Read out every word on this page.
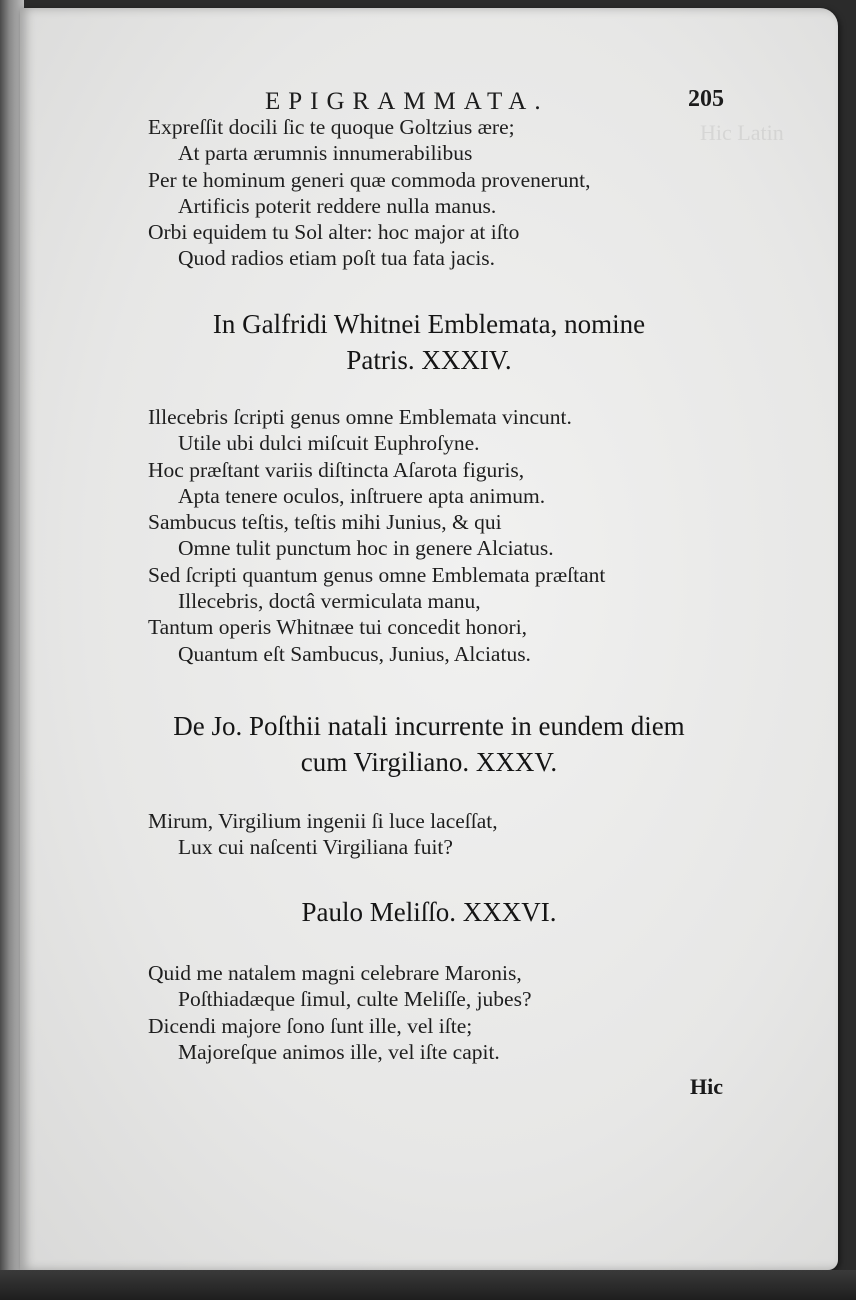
Hic Latin
EPIGRAMMATA.	205
Expreſſit docili ſic te quoque Goltzius ære;
At parta ærumnis innumerabilibus
Per te hominum generi quæ commoda provenerunt,
Artificis poterit reddere nulla manus.
Orbi equidem tu Sol alter: hoc major at iſto
Quod radios etiam poſt tua fata jacis.
In Galfridi Whitnei Emblemata, nomine
Patris. XXXIV.
Illecebris ſcripti genus omne Emblemata vincunt.
Utile ubi dulci miſcuit Euphroſyne.
Hoc præſtant variis diſtincta Aſarota figuris,
Apta tenere oculos, inſtruere apta animum.
Sambucus teſtis, teſtis mihi Junius, & qui
Omne tulit punctum hoc in genere Alciatus.
Sed ſcripti quantum genus omne Emblemata præſtant
Illecebris, doctâ vermiculata manu,
Tantum operis Whitnæe tui concedit honori,
Quantum eſt Sambucus, Junius, Alciatus.
De Jo. Poſthii natali incurrente in eundem diem
cum Virgiliano. XXXV.
Mirum, Virgilium ingenii ſi luce laceſſat,
Lux cui naſcenti Virgiliana fuit?
Paulo Meliſſo. XXXVI.
Quid me natalem magni celebrare Maronis,
Poſthiadæque ſimul, culte Meliſſe, jubes?
Dicendi majore ſono ſunt ille, vel iſte;
Majoreſque animos ille, vel iſte capit.
Hic
